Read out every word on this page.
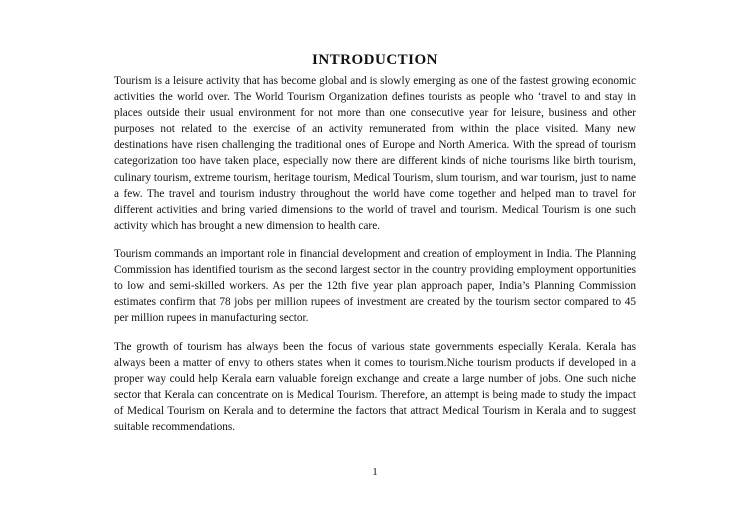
INTRODUCTION

Tourism is a leisure activity that has become global and is slowly emerging as one of the fastest growing economic activities the world over. The World Tourism Organization defines tourists as people who ‘travel to and stay in places outside their usual environment for not more than one consecutive year for leisure, business and other purposes not related to the exercise of an activity remunerated from within the place visited. Many new destinations have risen challenging the traditional ones of Europe and North America. With the spread of tourism categorization too have taken place, especially now there are different kinds of niche tourisms like birth tourism, culinary tourism, extreme tourism, heritage tourism, Medical Tourism, slum tourism, and war tourism, just to name a few. The travel and tourism industry throughout the world have come together and helped man to travel for different activities and bring varied dimensions to the world of travel and tourism. Medical Tourism is one such activity which has brought a new dimension to health care.

Tourism commands an important role in financial development and creation of employment in India. The Planning Commission has identified tourism as the second largest sector in the country providing employment opportunities to low and semi-skilled workers. As per the 12th five year plan approach paper, India’s Planning Commission estimates confirm that 78 jobs per million rupees of investment are created by the tourism sector compared to 45 per million rupees in manufacturing sector.

The growth of tourism has always been the focus of various state governments especially Kerala. Kerala has always been a matter of envy to others states when it comes to tourism.Niche tourism products if developed in a proper way could help Kerala earn valuable foreign exchange and create a large number of jobs. One such niche sector that Kerala can concentrate on is Medical Tourism. Therefore, an attempt is being made to study the impact of Medical Tourism on Kerala and to determine the factors that attract Medical Tourism in Kerala and to suggest suitable recommendations.

1
